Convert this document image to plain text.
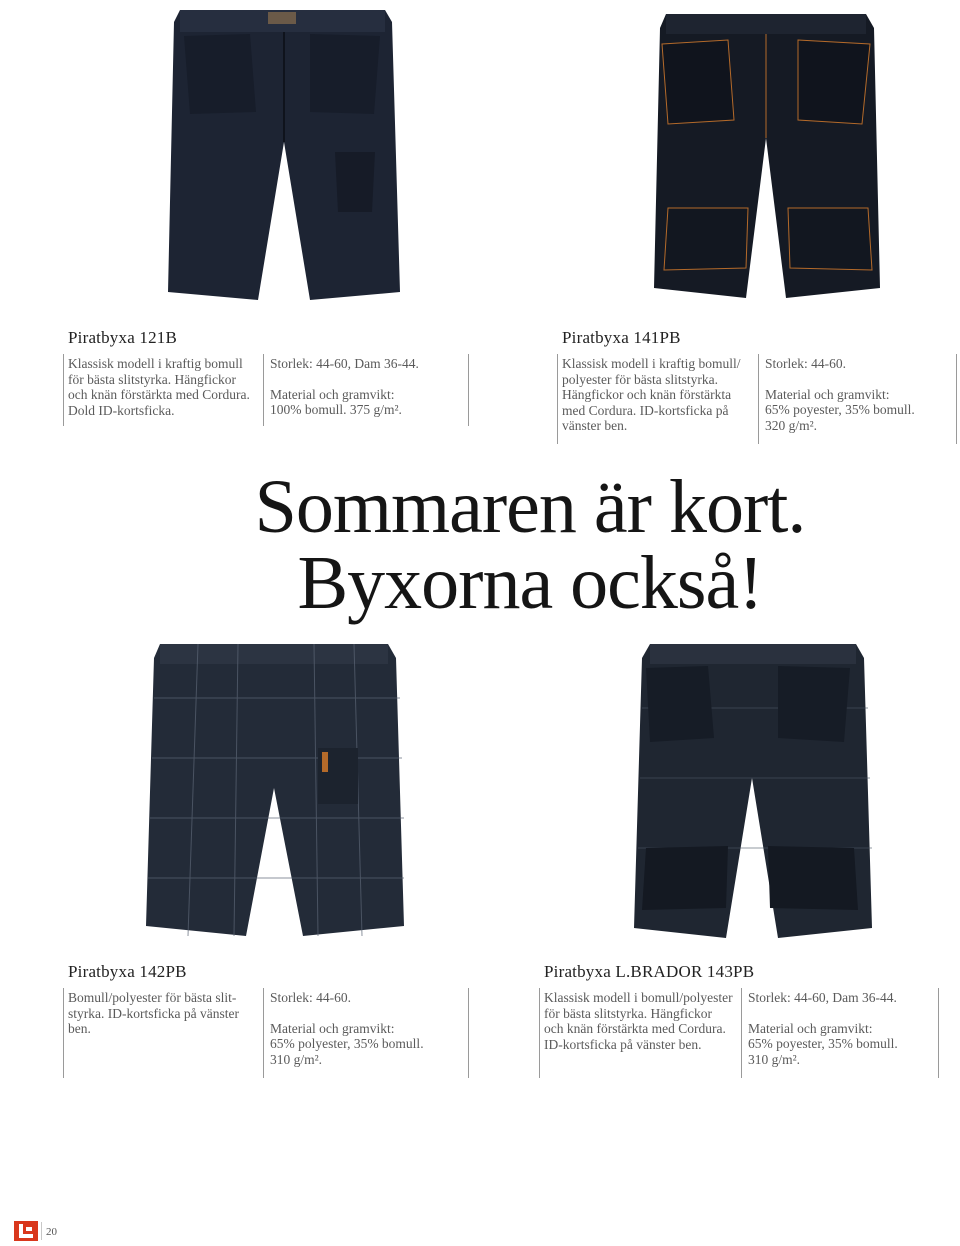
Piratbyxa 121B
Klassisk modell i kraftig bomull
för bästa slitstyrka. Hängfickor
och knän förstärkta med Cordura.
Dold ID-kortsficka.
Storlek: 44-60, Dam 36-44.
Material och gramvikt:
100% bomull. 375 g/m².
Piratbyxa 141PB
Klassisk modell i kraftig bomull/
polyester för bästa slitstyrka.
Hängfickor och knän förstärkta
med Cordura. ID-kortsficka på
vänster ben.
Storlek: 44-60.
Material och gramvikt:
65% poyester, 35% bomull.
320 g/m².
Sommaren är kort.
Byxorna också!
Piratbyxa 142PB
Bomull/polyester för bästa slit-
styrka. ID-kortsficka på vänster
ben.
Storlek: 44-60.
Material och gramvikt:
65% polyester, 35% bomull.
310 g/m².
Piratbyxa L.BRADOR 143PB
Klassisk modell i bomull/polyester
för bästa slitstyrka. Hängfickor
och knän förstärkta med Cordura.
ID-kortsficka på vänster ben.
Storlek: 44-60, Dam 36-44.
Material och gramvikt:
65% poyester, 35% bomull.
310 g/m².
20
